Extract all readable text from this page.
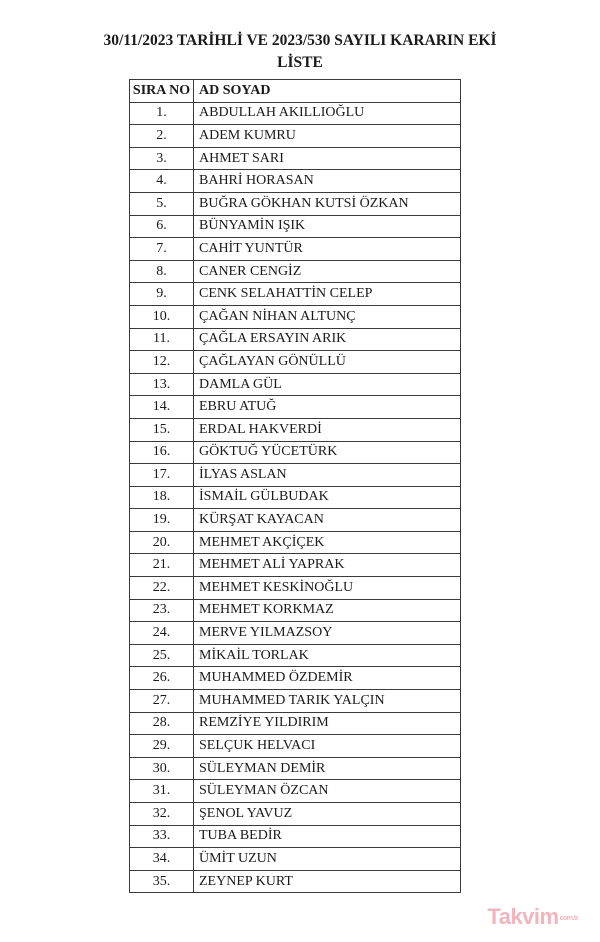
30/11/2023 TARİHLİ VE 2023/530 SAYILI KARARIN EKİ
LİSTE
SIRA NO	AD SOYAD
1.	ABDULLAH AKILLIOĞLU
2.	ADEM KUMRU
3.	AHMET SARI
4.	BAHRİ HORASAN
5.	BUĞRA GÖKHAN KUTSİ ÖZKAN
6.	BÜNYAMİN IŞIK
7.	CAHİT YUNTÜR
8.	CANER CENGİZ
9.	CENK SELAHATTİN CELEP
10.	ÇAĞAN NİHAN ALTUNÇ
11.	ÇAĞLA ERSAYIN ARIK
12.	ÇAĞLAYAN GÖNÜLLÜ
13.	DAMLA GÜL
14.	EBRU ATUĞ
15.	ERDAL HAKVERDİ
16.	GÖKTUĞ YÜCETÜRK
17.	İLYAS ASLAN
18.	İSMAİL GÜLBUDAK
19.	KÜRŞAT KAYACAN
20.	MEHMET AKÇİÇEK
21.	MEHMET ALİ YAPRAK
22.	MEHMET KESKİNOĞLU
23.	MEHMET KORKMAZ
24.	MERVE YILMAZSOY
25.	MİKAİL TORLAK
26.	MUHAMMED ÖZDEMİR
27.	MUHAMMED TARIK YALÇIN
28.	REMZİYE YILDIRIM
29.	SELÇUK HELVACI
30.	SÜLEYMAN DEMİR
31.	SÜLEYMAN ÖZCAN
32.	ŞENOL YAVUZ
33.	TUBA BEDİR
34.	ÜMİT UZUN
35.	ZEYNEP KURT
Takvimcom.tr
